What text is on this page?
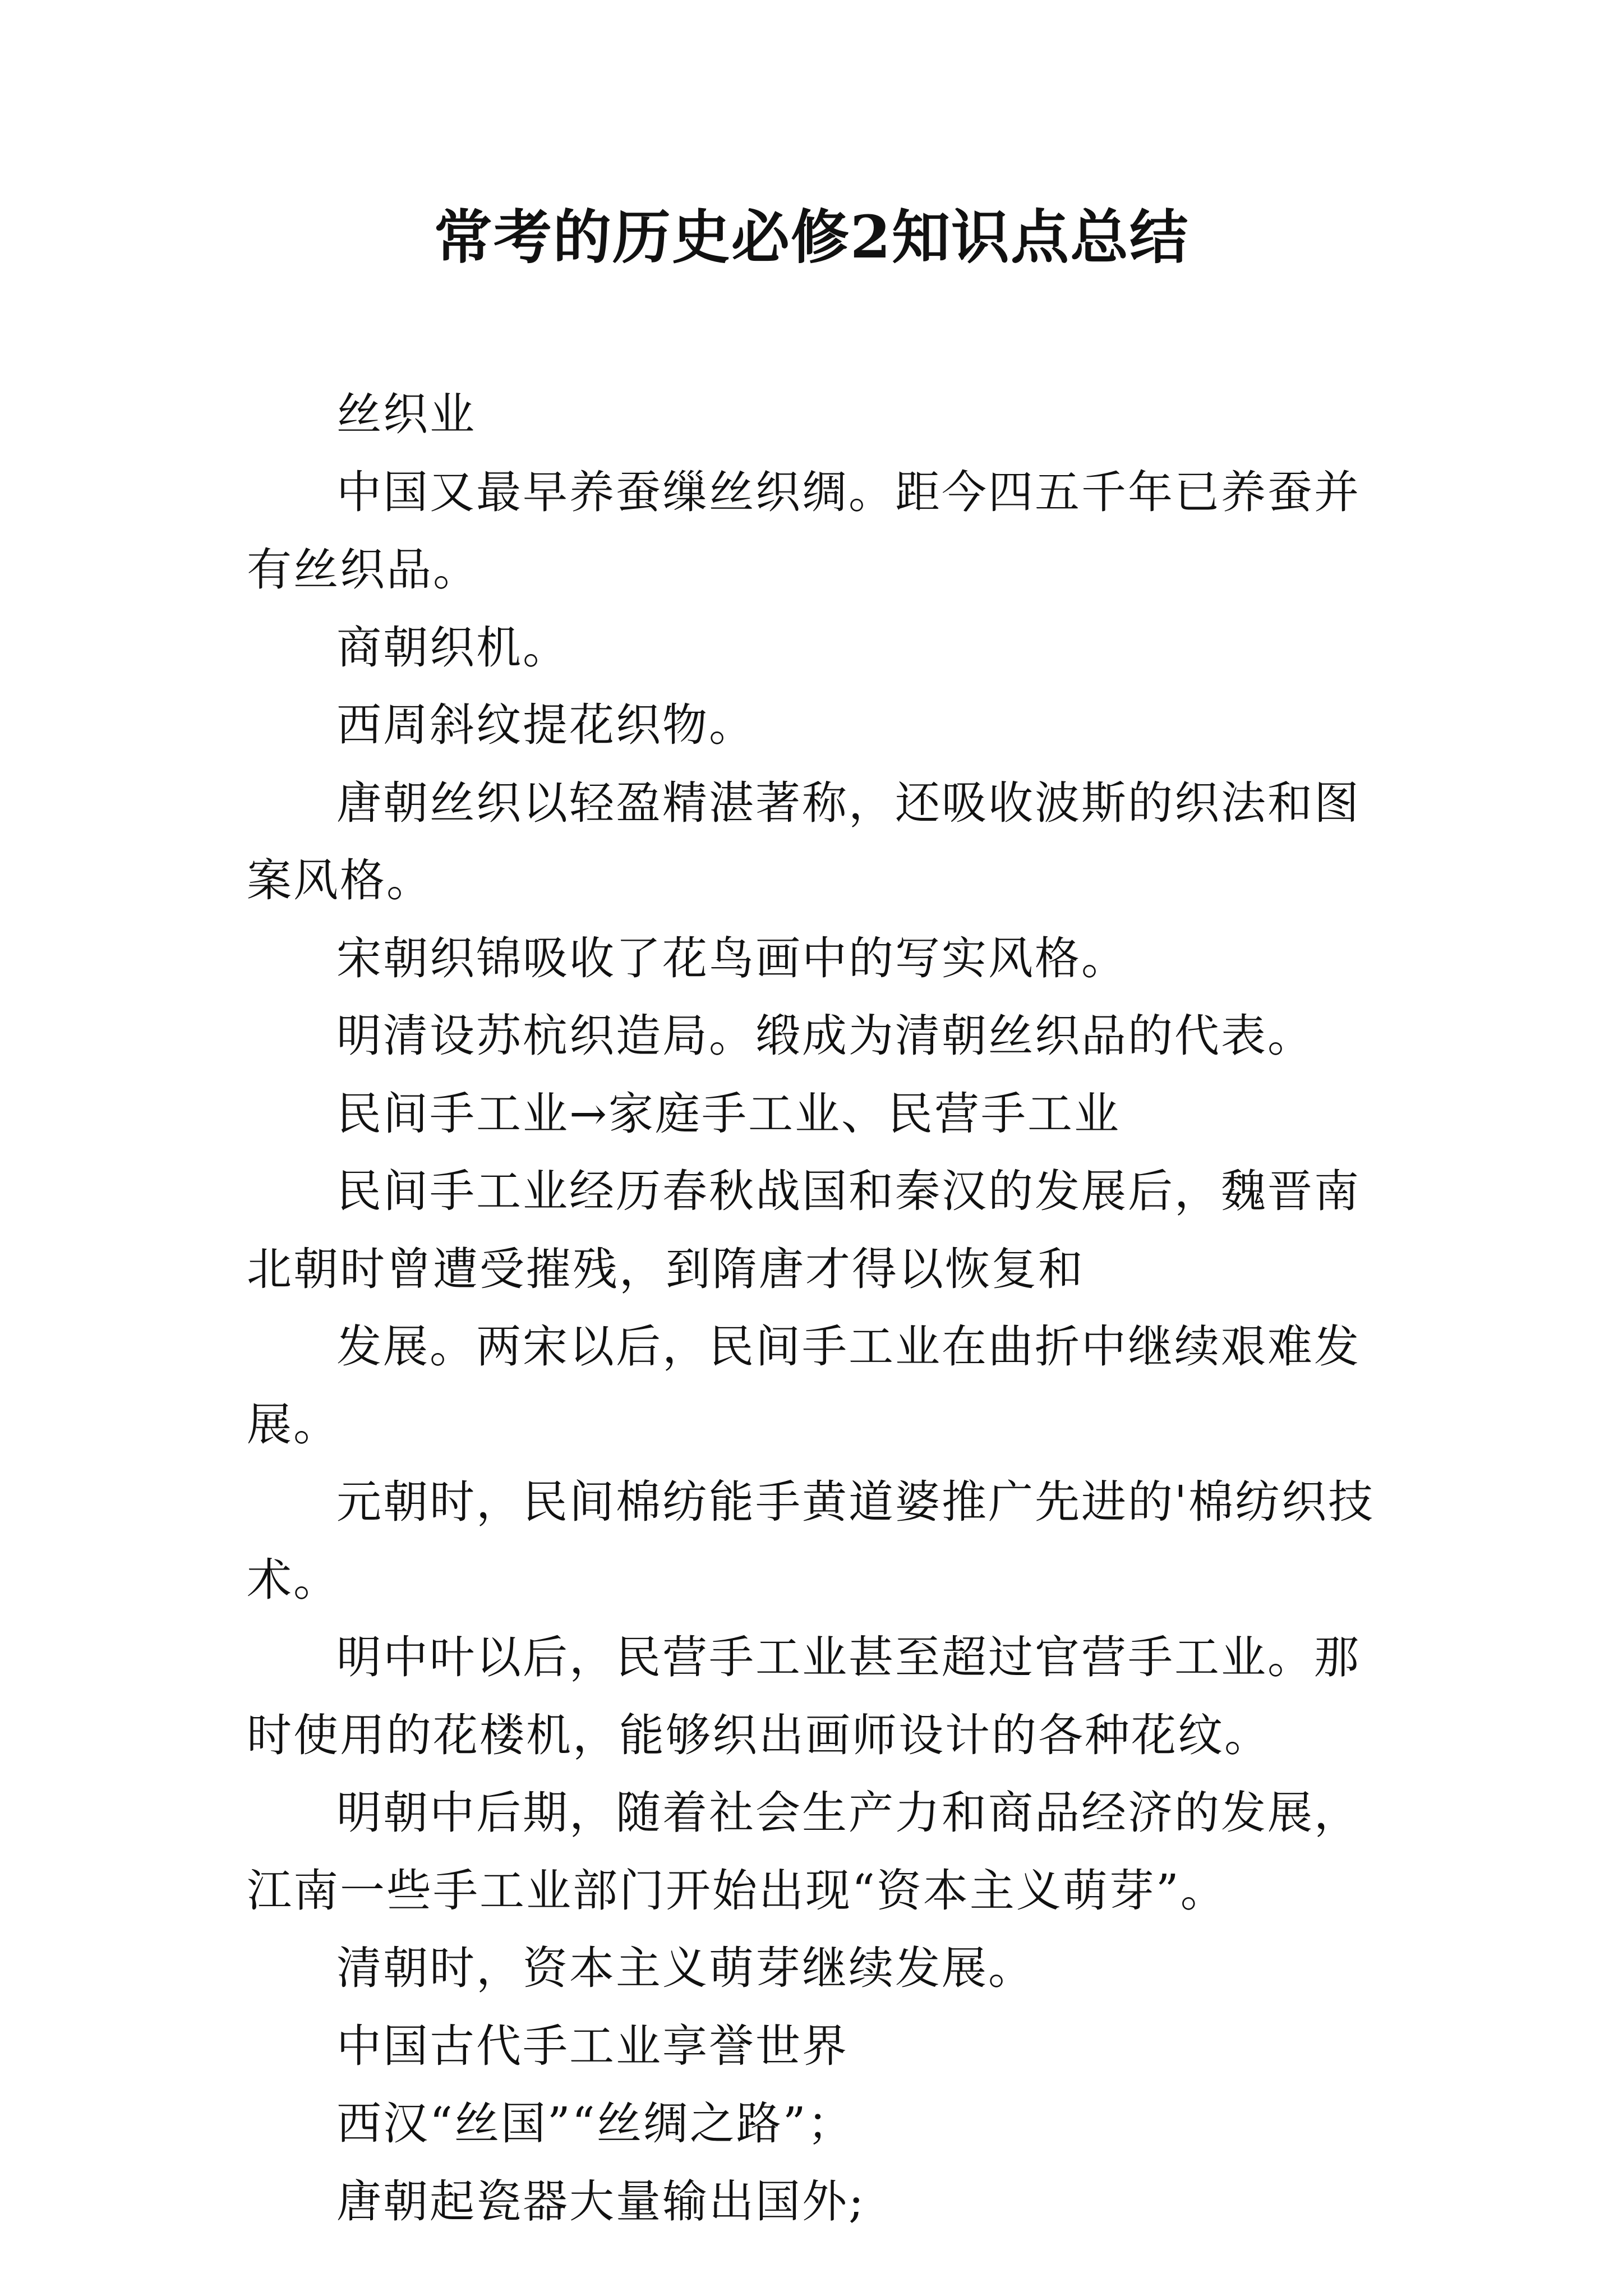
常考的历史必修2知识点总结

丝织业

中国又最早养蚕缫丝织绸。距今四五千年已养蚕并有丝织品。

商朝织机。

西周斜纹提花织物。

唐朝丝织以轻盈精湛著称，还吸收波斯的织法和图案风格。

宋朝织锦吸收了花鸟画中的写实风格。

明清设苏杭织造局。缎成为清朝丝织品的代表。

民间手工业→家庭手工业、民营手工业

民间手工业经历春秋战国和秦汉的发展后，魏晋南北朝时曾遭受摧残，到隋唐才得以恢复和

发展。两宋以后，民间手工业在曲折中继续艰难发展。

元朝时，民间棉纺能手黄道婆推广先进的'棉纺织技术。

明中叶以后，民营手工业甚至超过官营手工业。那时使用的花楼机，能够织出画师设计的各种花纹。

明朝中后期，随着社会生产力和商品经济的发展，江南一些手工业部门开始出现“资本主义萌芽”。

清朝时，资本主义萌芽继续发展。

中国古代手工业享誉世界

西汉“丝国”“丝绸之路”；

唐朝起瓷器大量输出国外;
